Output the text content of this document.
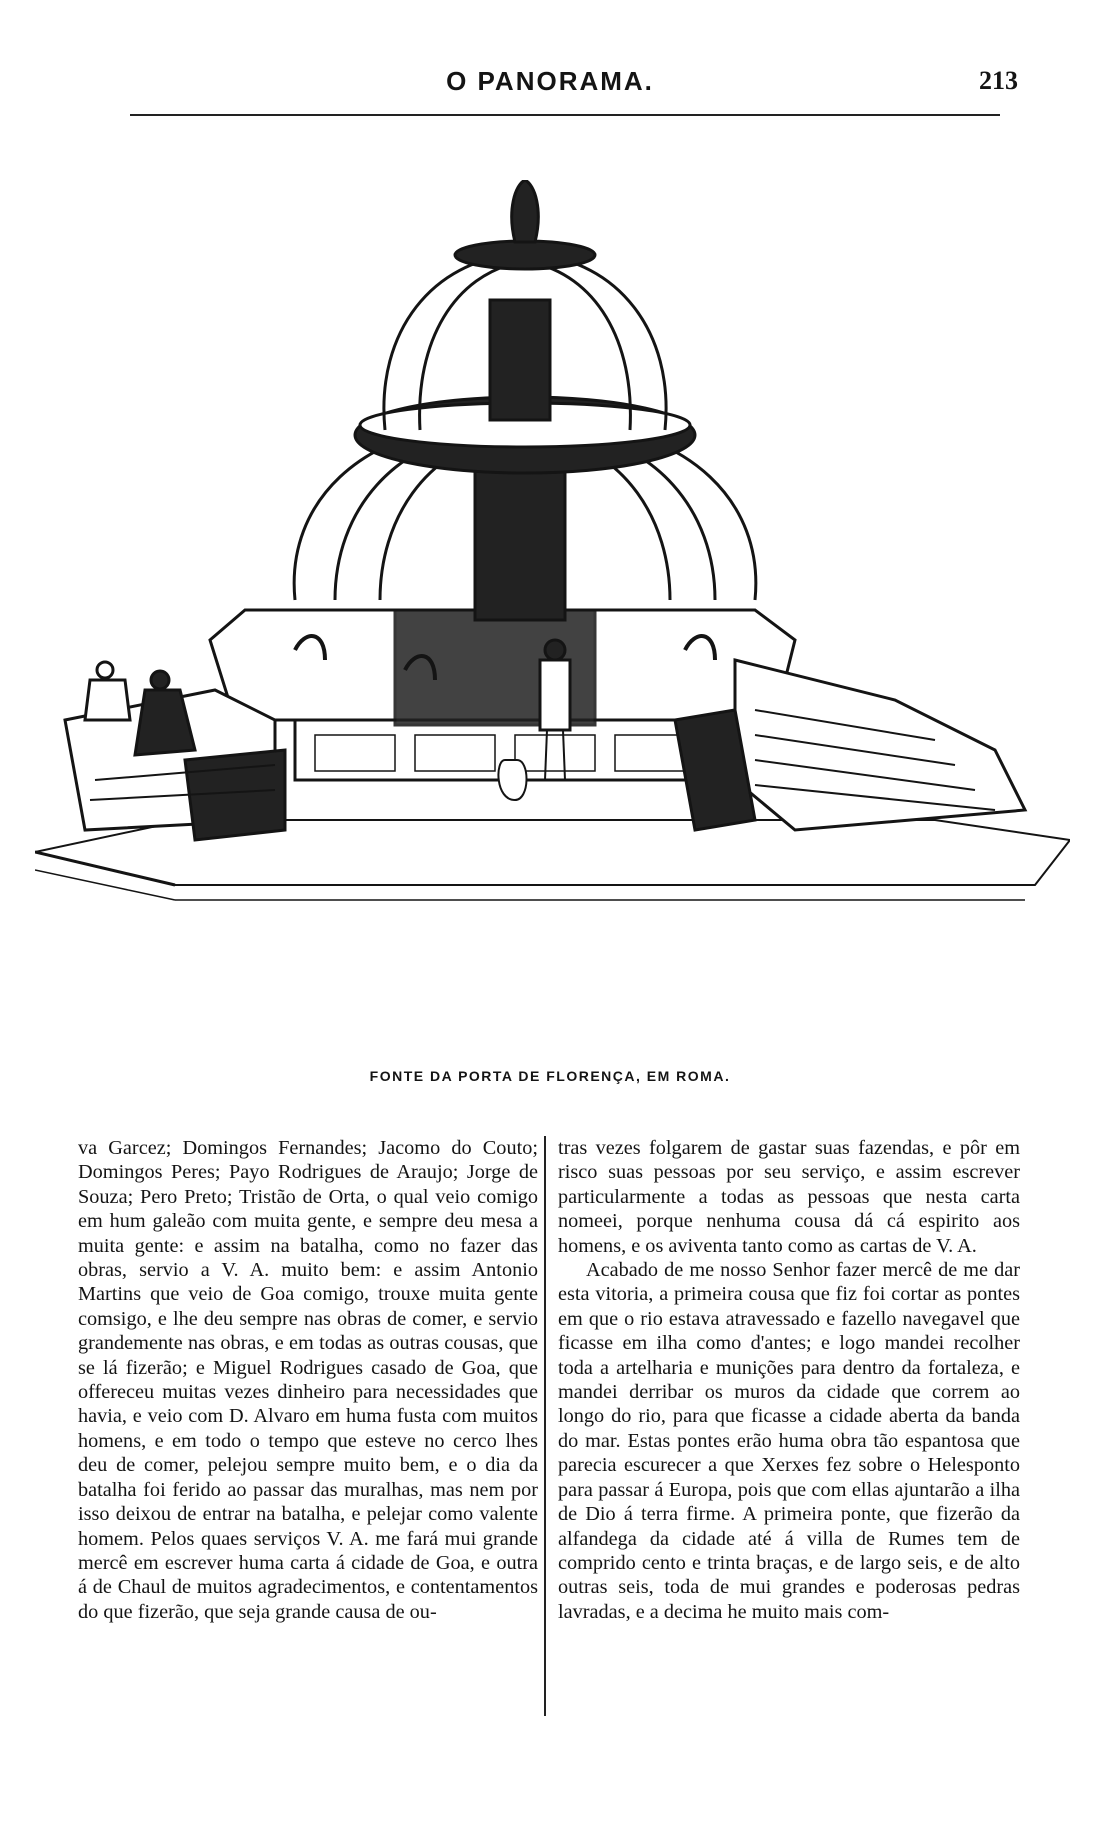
O PANORAMA.	213
FONTE DA PORTA DE FLORENÇA, EM ROMA.

va Garcez; Domingos Fernandes; Jacomo do Couto; Domingos Peres; Payo Rodrigues de Araujo; Jorge de Souza; Pero Preto; Tristão de Orta, o qual veio comigo em hum galeão com muita gente, e sempre deu mesa a muita gente: e assim na batalha, como no fazer das obras, servio a V. A. muito bem: e assim Antonio Martins que veio de Goa comigo, trouxe muita gente comsigo, e lhe deu sempre nas obras de comer, e servio grandemente nas obras, e em todas as outras cousas, que se lá fizerão; e Miguel Rodrigues casado de Goa, que offereceu muitas vezes dinheiro para necessidades que havia, e veio com D. Alvaro em huma fusta com muitos homens, e em todo o tempo que esteve no cerco lhes deu de comer, pelejou sempre muito bem, e o dia da batalha foi ferido ao passar das muralhas, mas nem por isso deixou de entrar na batalha, e pelejar como valente homem. Pelos quaes serviços V. A. me fará mui grande mercê em escrever huma carta á cidade de Goa, e outra á de Chaul de muitos agradecimentos, e contentamentos do que fizerão, que seja grande causa de ou-

tras vezes folgarem de gastar suas fazendas, e pôr em risco suas pessoas por seu serviço, e assim escrever particularmente a todas as pessoas que nesta carta nomeei, porque nenhuma cousa dá cá espirito aos homens, e os aviventa tanto como as cartas de V. A.

Acabado de me nosso Senhor fazer mercê de me dar esta vitoria, a primeira cousa que fiz foi cortar as pontes em que o rio estava atravessado e fazello navegavel que ficasse em ilha como d'antes; e logo mandei recolher toda a artelharia e munições para dentro da fortaleza, e mandei derribar os muros da cidade que correm ao longo do rio, para que ficasse a cidade aberta da banda do mar. Estas pontes erão huma obra tão espantosa que parecia escurecer a que Xerxes fez sobre o Helesponto para passar á Europa, pois que com ellas ajuntarão a ilha de Dio á terra firme. A primeira ponte, que fizerão da alfandega da cidade até á villa de Rumes tem de comprido cento e trinta braças, e de largo seis, e de alto outras seis, toda de mui grandes e poderosas pedras lavradas, e a decima he muito mais com-
